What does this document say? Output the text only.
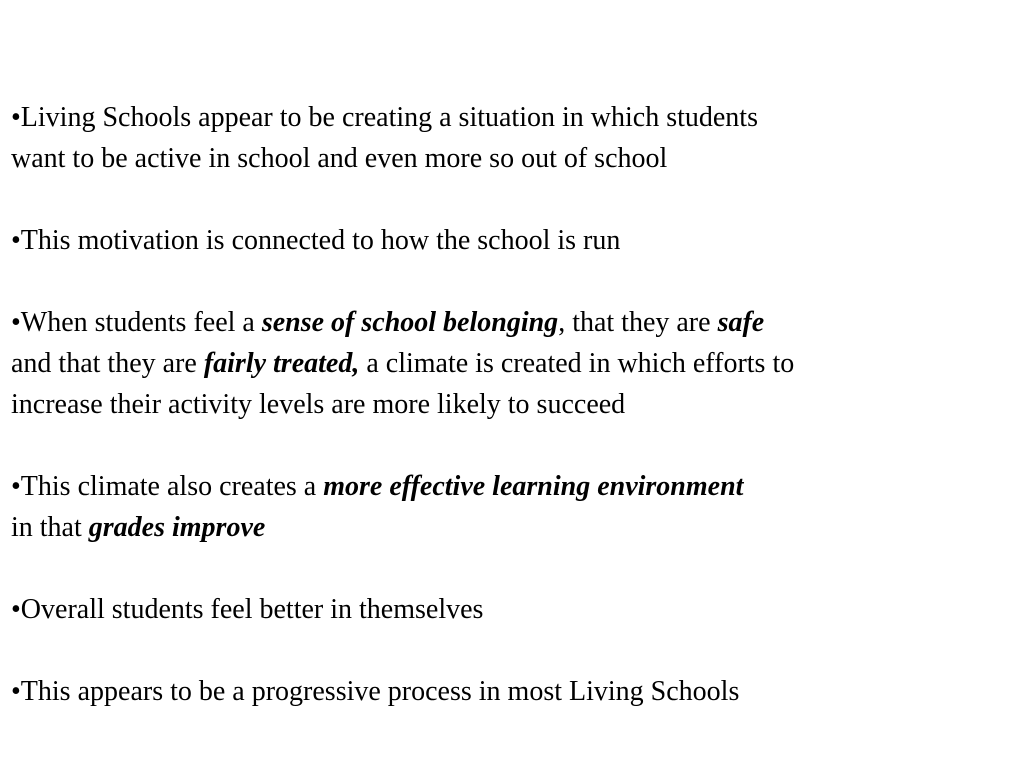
•Living Schools appear to be creating a situation in which students
want to be active in school and even more so out of school
•This motivation is connected to how the school is run
•When students feel a sense of school belonging, that they are safe
and that they are fairly treated, a climate is created in which efforts to
increase their activity levels are more likely to succeed
•This climate also creates a more effective learning environment
in that grades improve
•Overall students feel better in themselves
•This appears to be a progressive process in most Living Schools
